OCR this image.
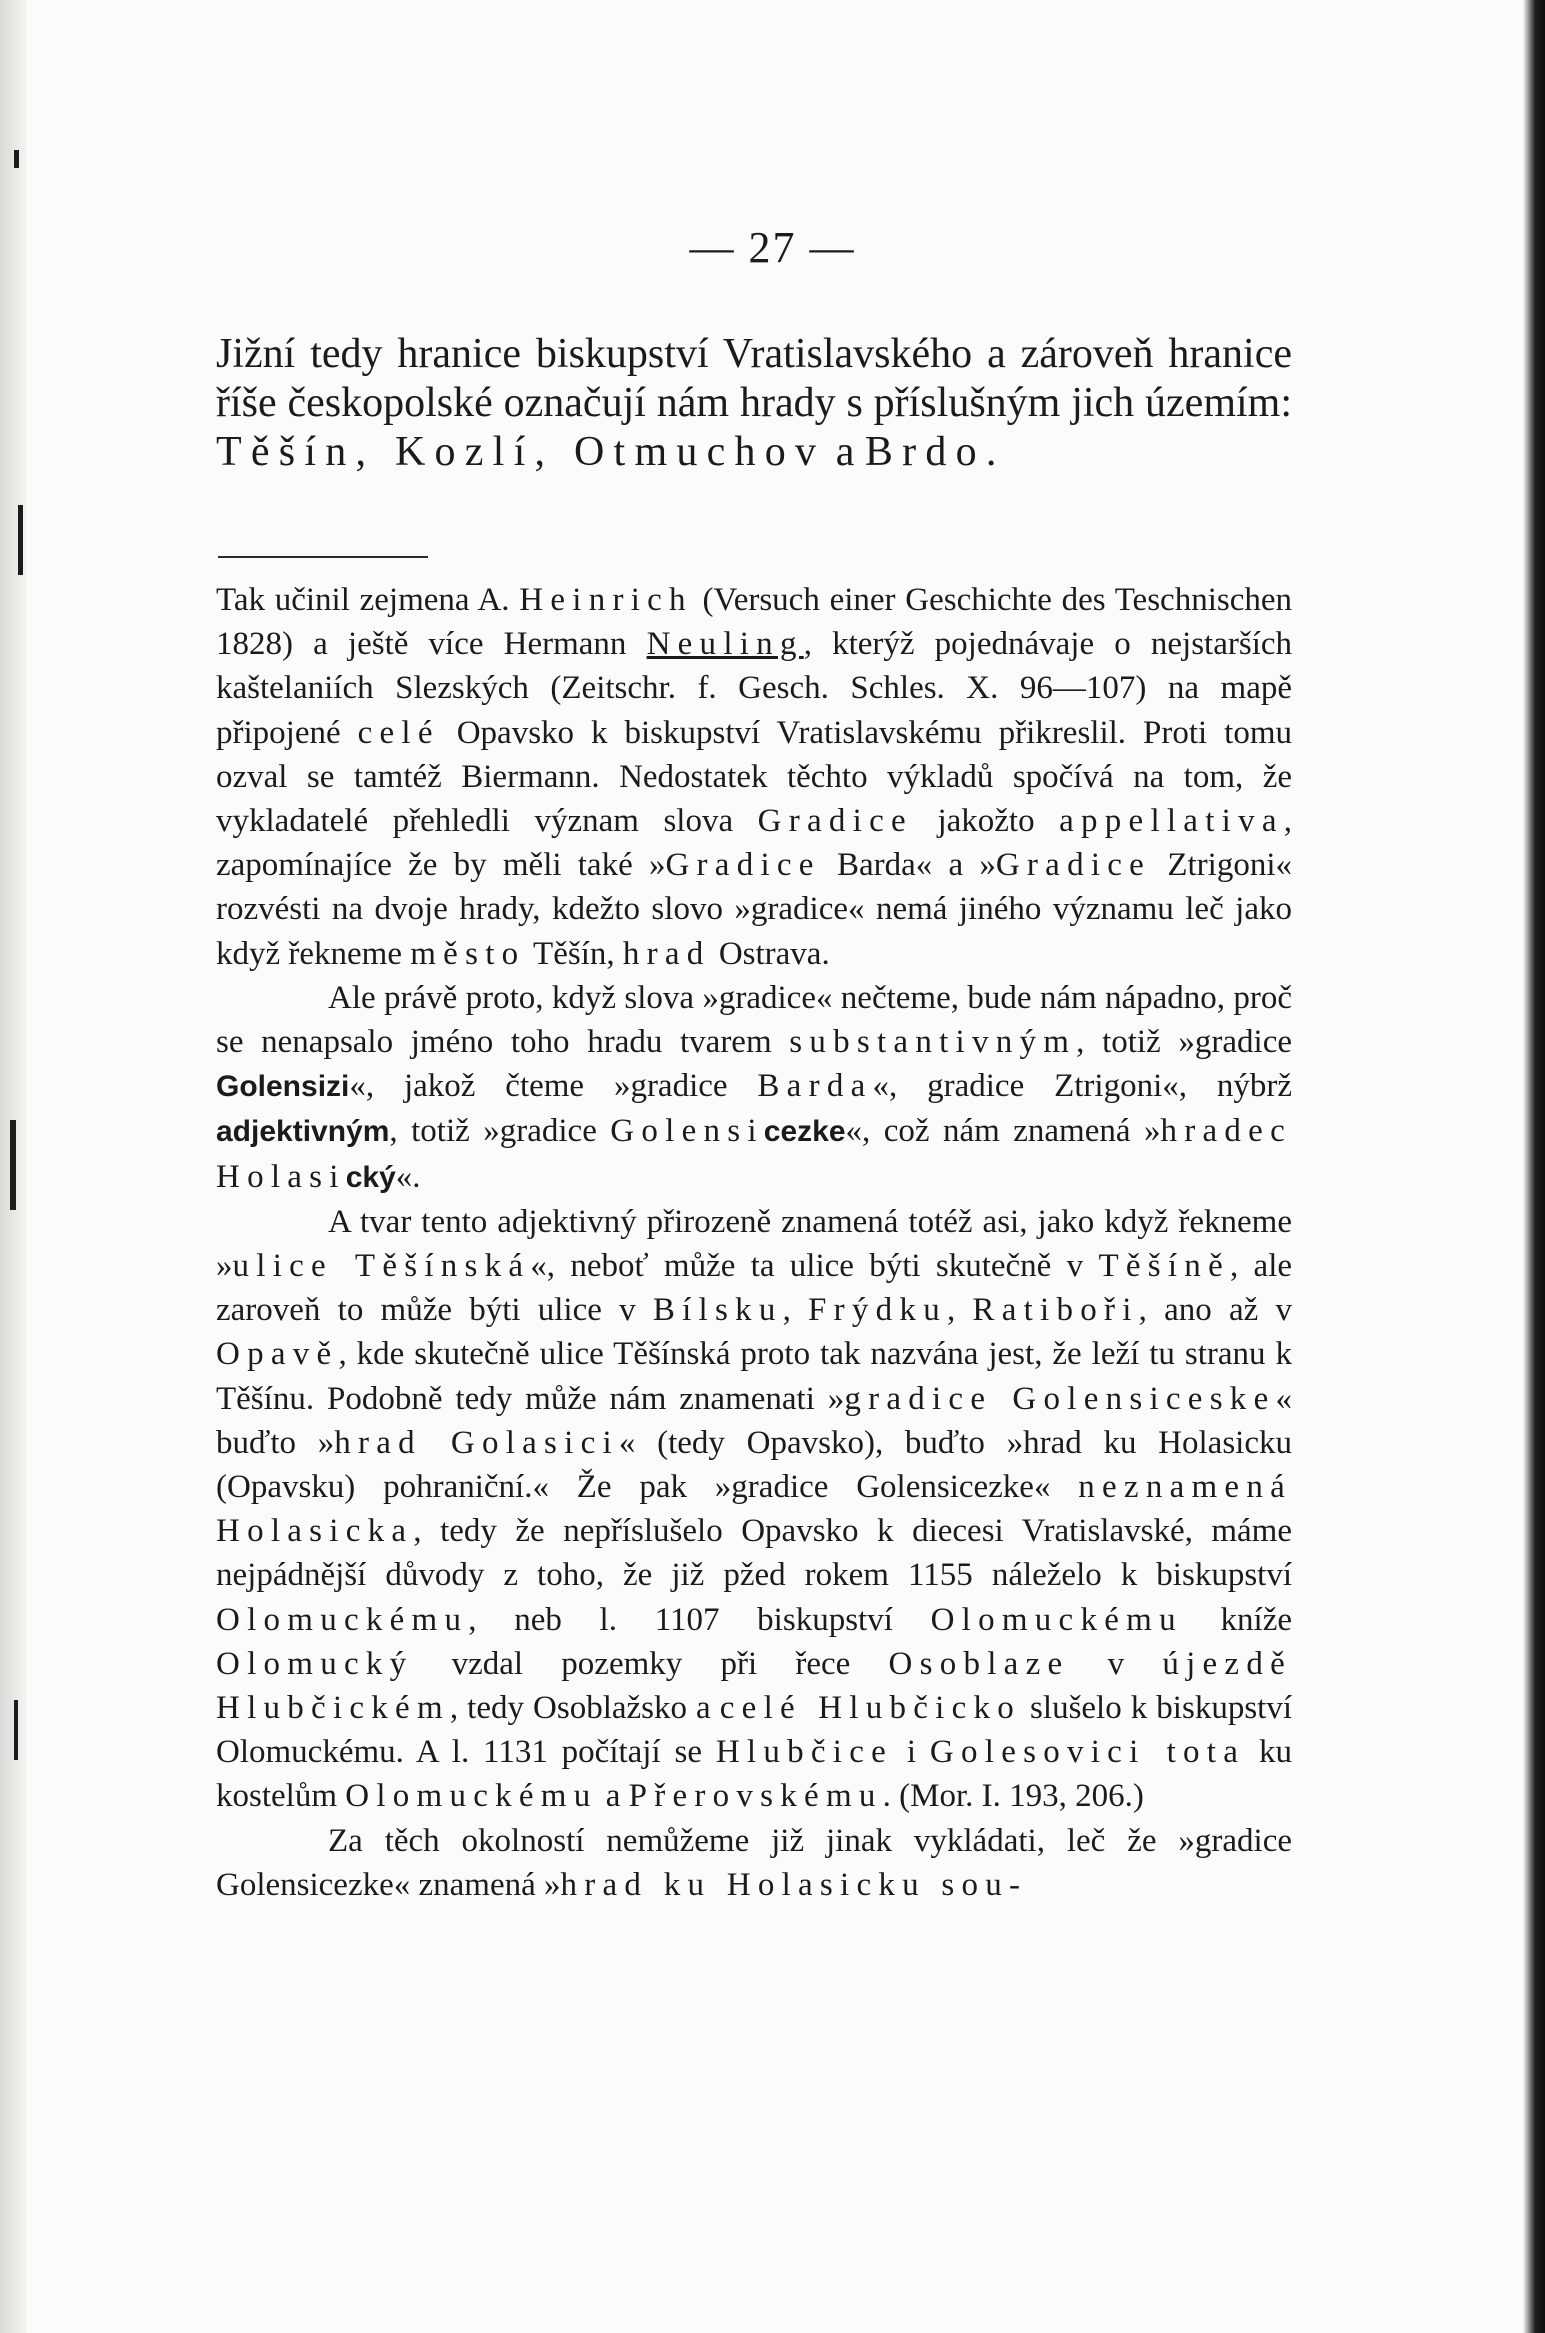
— 27 —

Jižní tedy hranice biskupství Vratislavského a zároveň hranice říše českopolské označují nám hrady s příslušným jich územím: Těšín, Kozlí, Otmuchov a Brdo.

Tak učinil zejmena A. Heinrich (Versuch einer Geschichte des Teschnischen 1828) a ještě více Hermann Neuling, kterýž pojednávaje o nejstarších kaštelaniích Slezských (Zeitschr. f. Gesch. Schles. X. 96—107) na mapě připojené celé Opavsko k biskupství Vratislavskému přikreslil. Proti tomu ozval se tamtéž Biermann. Nedostatek těchto výkladů spočívá na tom, že vykladatelé přehledli význam slova Gradice jakožto appellativa, zapomínajíce že by měli také »Gradice Barda« a »Gradice Ztrigoni« rozvésti na dvoje hrady, kdežto slovo »gradice« nemá jiného významu leč jako když řekneme město Těšín, hrad Ostrava.

Ale právě proto, když slova »gradice« nečteme, bude nám nápadno, proč se nenapsalo jméno toho hradu tvarem substantivným, totiž »gradice Golensizi«, jakož čteme »gradice Barda«, gradice Ztrigoni«, nýbrž adjektivným, totiž »gradice Golensicezke«, což nám znamená »hradec Holasický«.

A tvar tento adjektivný přirozeně znamená totéž asi, jako když řekneme »ulice Těšínská«, neboť může ta ulice býti skutečně v Těšíně, ale zaroveň to může býti ulice v Bílsku, Frýdku, Ratiboři, ano až v Opavě, kde skutečně ulice Těšínská proto tak nazvána jest, že leží tu stranu k Těšínu. Podobně tedy může nám znamenati »gradice Golensiceske« buďto »hrad Golasici« (tedy Opavsko), buďto »hrad ku Holasicku (Opavsku) pohraniční.« Že pak »gradice Golensicezke« neznamená Holasicka, tedy že nepříslušelo Opavsko k diecesi Vratislavské, máme nejpádnější důvody z toho, že již pžed rokem 1155 náleželo k biskupství Olomuckému, neb l. 1107 biskupství Olomuckému kníže Olomucký vzdal pozemky při řece Osoblaze v újezdě Hlubčickém, tedy Osoblažsko a celé Hlubčicko slušelo k biskupství Olomuckému. A l. 1131 počítají se Hlubčice i Golesovici tota ku kostelům Olomuckému a Přerovskému. (Mor. I. 193, 206.)

Za těch okolností nemůžeme již jinak vykládati, leč že »gradice Golensicezke« znamená »hrad ku Holasicku sou-
